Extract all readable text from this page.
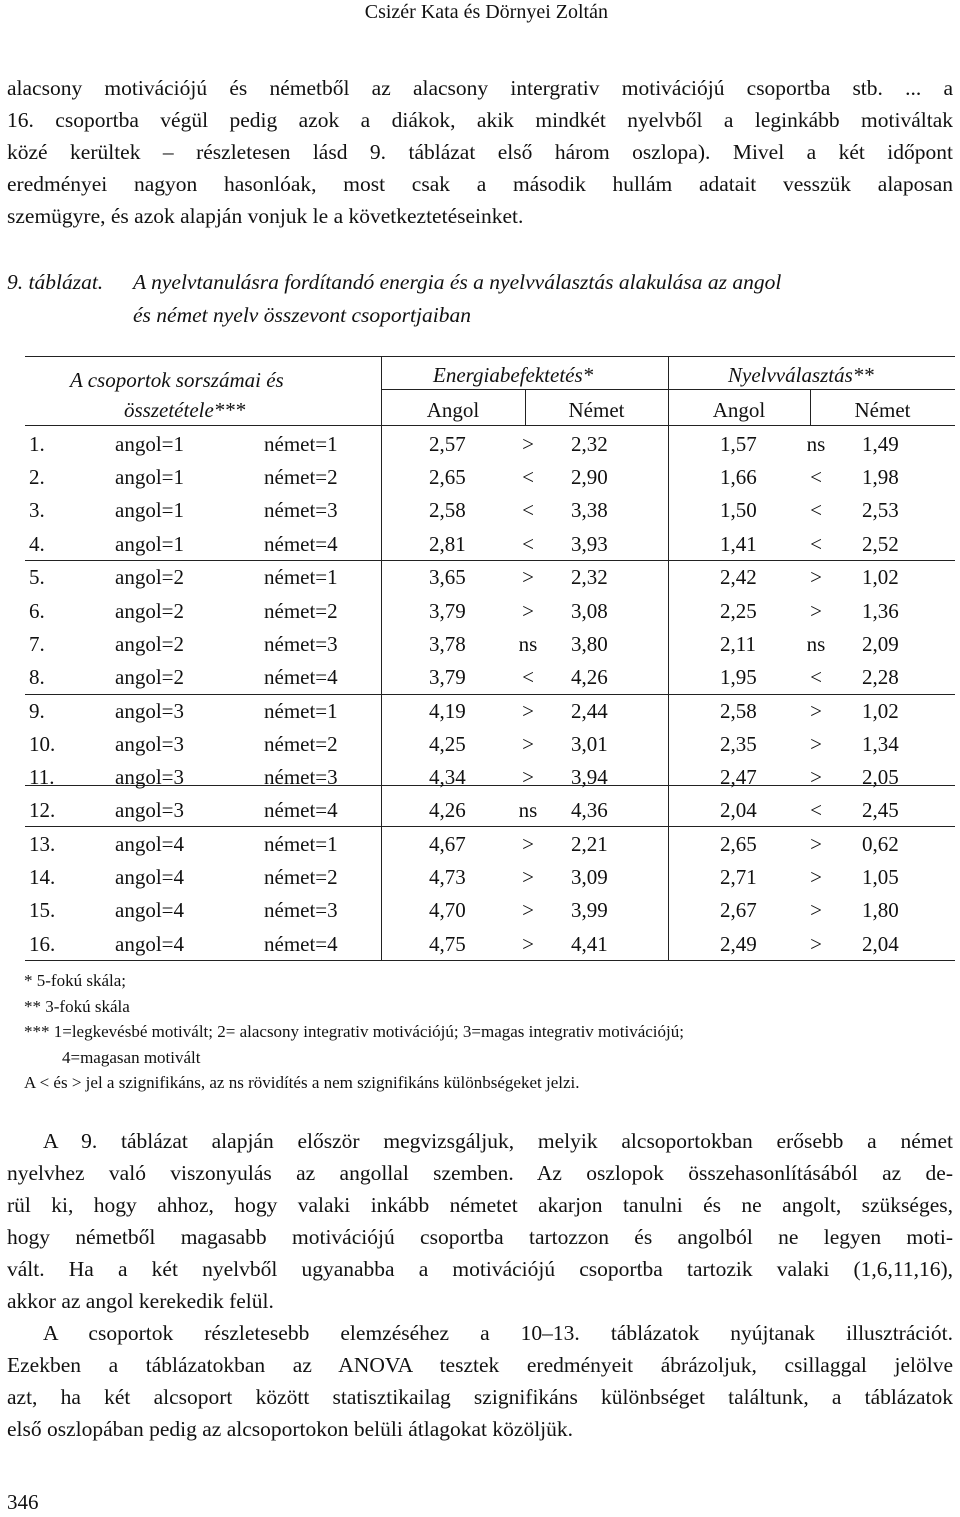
Csizér Kata és Dörnyei Zoltán
alacsony motivációjú és németből az alacsony intergrativ motivációjú csoportba stb. ... a
16. csoportba végül pedig azok a diákok, akik mindkét nyelvből a leginkább motiváltak
közé kerültek – részletesen lásd 9. táblázat első három oszlopa). Mivel a két időpont
eredményei nagyon hasonlóak, most csak a második hullám adatait vesszük alaposan
szemügyre, és azok alapján vonjuk le a következtetéseinket.
9. táblázat. A nyelvtanulásra fordítandó energia és a nyelvválasztás alakulása az angol
és német nyelv összevont csoportjaiban
A csoportok sorszámai és
összetétele***
Energiabefektetés*	Nyelvválasztás**
Angol	Német	Angol	Német
1.	angol=1	német=1	2,57	>	2,32	1,57	ns	1,49
2.	angol=1	német=2	2,65	<	2,90	1,66	<	1,98
3.	angol=1	német=3	2,58	<	3,38	1,50	<	2,53
4.	angol=1	német=4	2,81	<	3,93	1,41	<	2,52
5.	angol=2	német=1	3,65	>	2,32	2,42	>	1,02
6.	angol=2	német=2	3,79	>	3,08	2,25	>	1,36
7.	angol=2	német=3	3,78	ns	3,80	2,11	ns	2,09
8.	angol=2	német=4	3,79	<	4,26	1,95	<	2,28
9.	angol=3	német=1	4,19	>	2,44	2,58	>	1,02
10.	angol=3	német=2	4,25	>	3,01	2,35	>	1,34
11.	angol=3	német=3	4,34	>	3,94	2,47	>	2,05
12.	angol=3	német=4	4,26	ns	4,36	2,04	<	2,45
13.	angol=4	német=1	4,67	>	2,21	2,65	>	0,62
14.	angol=4	német=2	4,73	>	3,09	2,71	>	1,05
15.	angol=4	német=3	4,70	>	3,99	2,67	>	1,80
16.	angol=4	német=4	4,75	>	4,41	2,49	>	2,04
* 5-fokú skála;
** 3-fokú skála
*** 1=legkevésbé motivált; 2= alacsony integrativ motivációjú; 3=magas integrativ motivációjú;
4=magasan motivált
A < és > jel a szignifikáns, az ns rövidítés a nem szignifikáns különbségeket jelzi.
A 9. táblázat alapján először megvizsgáljuk, melyik alcsoportokban erősebb a német
nyelvhez való viszonyulás az angollal szemben. Az oszlopok összehasonlításából az de-
rül ki, hogy ahhoz, hogy valaki inkább németet akarjon tanulni és ne angolt, szükséges,
hogy németből magasabb motivációjú csoportba tartozzon és angolból ne legyen moti-
vált. Ha a két nyelvből ugyanabba a motivációjú csoportba tartozik valaki (1,6,11,16),
akkor az angol kerekedik felül.
A csoportok részletesebb elemzéséhez a 10–13. táblázatok nyújtanak illusztrációt.
Ezekben a táblázatokban az ANOVA tesztek eredményeit ábrázoljuk, csillaggal jelölve
azt, ha két alcsoport között statisztikailag szignifikáns különbséget találtunk, a táblázatok
első oszlopában pedig az alcsoportokon belüli átlagokat közöljük.
346
